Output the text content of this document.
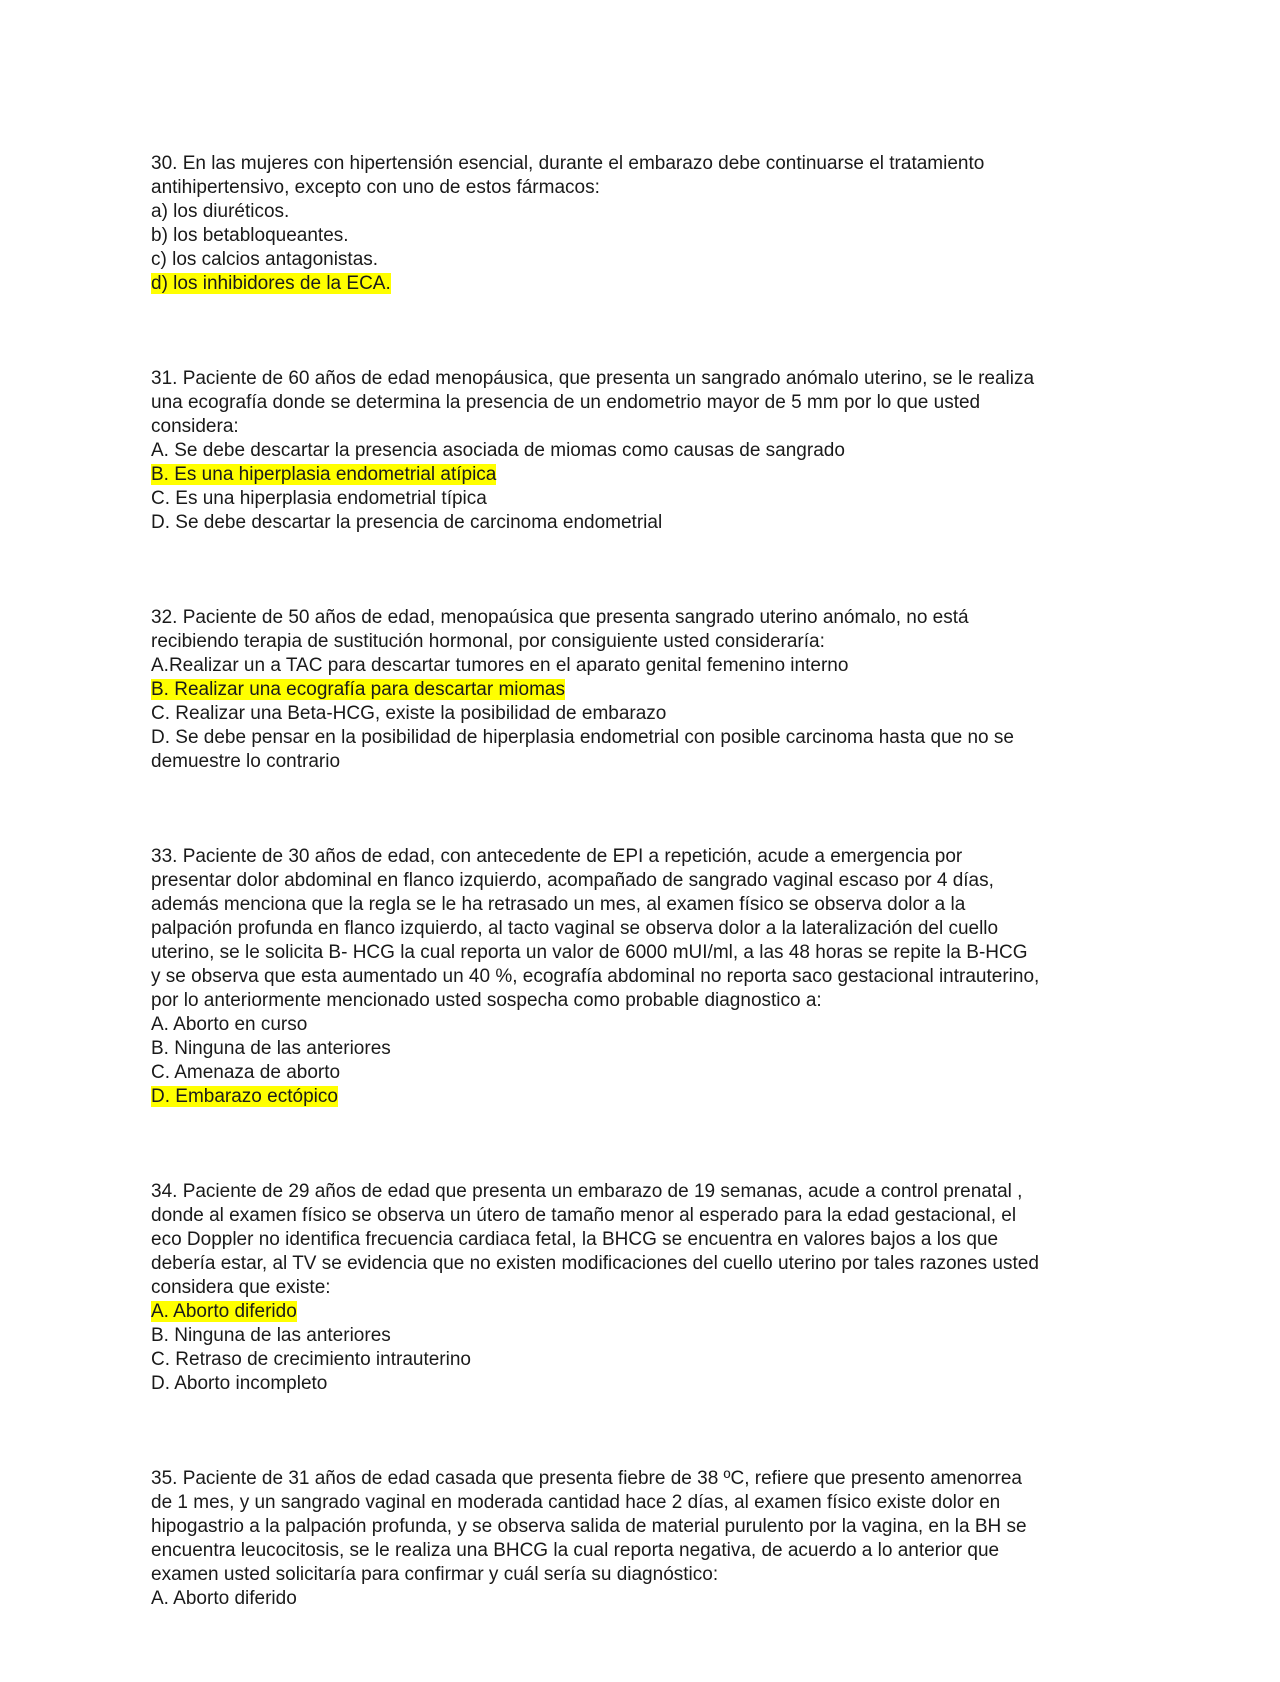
30. En las mujeres con hipertensión esencial, durante el embarazo debe continuarse el tratamiento
antihipertensivo, excepto con uno de estos fármacos:
a) los diuréticos.
b) los betabloqueantes.
c) los calcios antagonistas.
d) los inhibidores de la ECA.
31. Paciente de 60 años de edad menopáusica, que presenta un sangrado anómalo uterino, se le realiza
una ecografía donde se determina la presencia de un endometrio mayor de 5 mm por lo que usted
considera:
A. Se debe descartar la presencia asociada de miomas como causas de sangrado
B. Es una hiperplasia endometrial atípica
C. Es una hiperplasia endometrial típica
D. Se debe descartar la presencia de carcinoma endometrial
32. Paciente de 50 años de edad, menopaúsica que presenta sangrado uterino anómalo, no está
recibiendo terapia de sustitución hormonal, por consiguiente usted consideraría:
A.Realizar un a TAC para descartar tumores en el aparato genital femenino interno
B. Realizar una ecografía para descartar miomas
C. Realizar una Beta-HCG, existe la posibilidad de embarazo
D. Se debe pensar en la posibilidad de hiperplasia endometrial con posible carcinoma hasta que no se
demuestre lo contrario
33. Paciente de 30 años de edad, con antecedente de EPI a repetición, acude a emergencia por
presentar dolor abdominal en flanco izquierdo, acompañado de sangrado vaginal escaso por 4 días,
además menciona que la regla se le ha retrasado un mes, al examen físico se observa dolor a la
palpación profunda en flanco izquierdo, al tacto vaginal se observa dolor a la lateralización del cuello
uterino, se le solicita B- HCG la cual reporta un valor de 6000 mUI/ml, a las 48 horas se repite la B-HCG
y se observa que esta aumentado un 40 %, ecografía abdominal no reporta saco gestacional intrauterino,
por lo anteriormente mencionado usted sospecha como probable diagnostico a:
A. Aborto en curso
B. Ninguna de las anteriores
C. Amenaza de aborto
D. Embarazo ectópico
34. Paciente de 29 años de edad que presenta un embarazo de 19 semanas, acude a control prenatal ,
donde al examen físico se observa un útero de tamaño menor al esperado para la edad gestacional, el
eco Doppler no identifica frecuencia cardiaca fetal, la BHCG se encuentra en valores bajos a los que
debería estar, al TV se evidencia que no existen modificaciones del cuello uterino por tales razones usted
considera que existe:
A. Aborto diferido
B. Ninguna de las anteriores
C. Retraso de crecimiento intrauterino
D. Aborto incompleto
35. Paciente de 31 años de edad casada que presenta fiebre de 38 ºC, refiere que presento amenorrea
de 1 mes, y un sangrado vaginal en moderada cantidad hace 2 días, al examen físico existe dolor en
hipogastrio a la palpación profunda, y se observa salida de material purulento por la vagina, en la BH se
encuentra leucocitosis, se le realiza una BHCG la cual reporta negativa, de acuerdo a lo anterior que
examen usted solicitaría para confirmar y cuál sería su diagnóstico:
A. Aborto diferido
